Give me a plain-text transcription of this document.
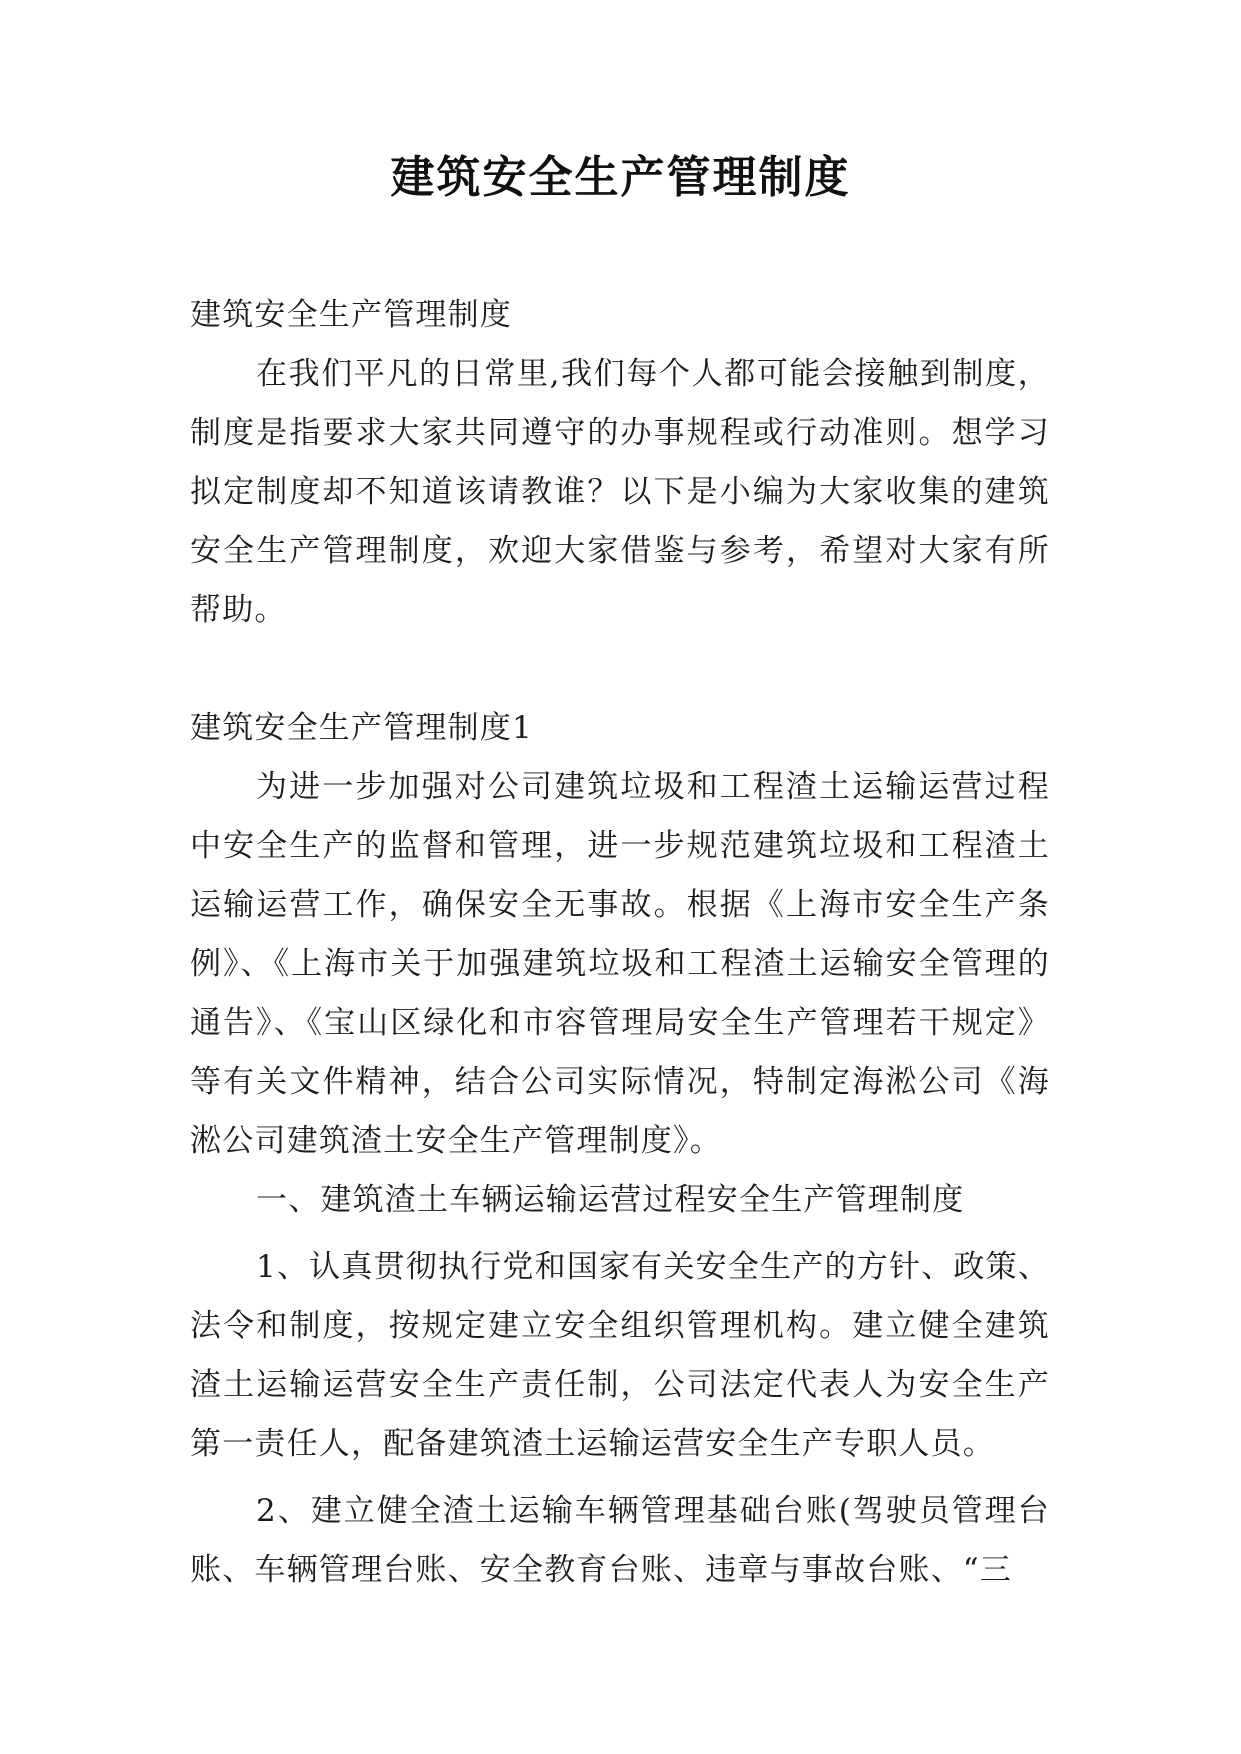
建筑安全生产管理制度

建筑安全生产管理制度

在我们平凡的日常里,我们每个人都可能会接触到制度，制度是指要求大家共同遵守的办事规程或行动准则。想学习拟定制度却不知道该请教谁？以下是小编为大家收集的建筑安全生产管理制度，欢迎大家借鉴与参考，希望对大家有所帮助。

建筑安全生产管理制度1

为进一步加强对公司建筑垃圾和工程渣土运输运营过程中安全生产的监督和管理，进一步规范建筑垃圾和工程渣土运输运营工作，确保安全无事故。根据《上海市安全生产条例》、《上海市关于加强建筑垃圾和工程渣土运输安全管理的通告》、《宝山区绿化和市容管理局安全生产管理若干规定》等有关文件精神，结合公司实际情况，特制定海淞公司《海淞公司建筑渣土安全生产管理制度》。

一、建筑渣土车辆运输运营过程安全生产管理制度

1、认真贯彻执行党和国家有关安全生产的方针、政策、法令和制度，按规定建立安全组织管理机构。建立健全建筑渣土运输运营安全生产责任制，公司法定代表人为安全生产第一责任人，配备建筑渣土运输运营安全生产专职人员。

2、建立健全渣土运输车辆管理基础台账(驾驶员管理台账、车辆管理台账、安全教育台账、违章与事故台账、“三
